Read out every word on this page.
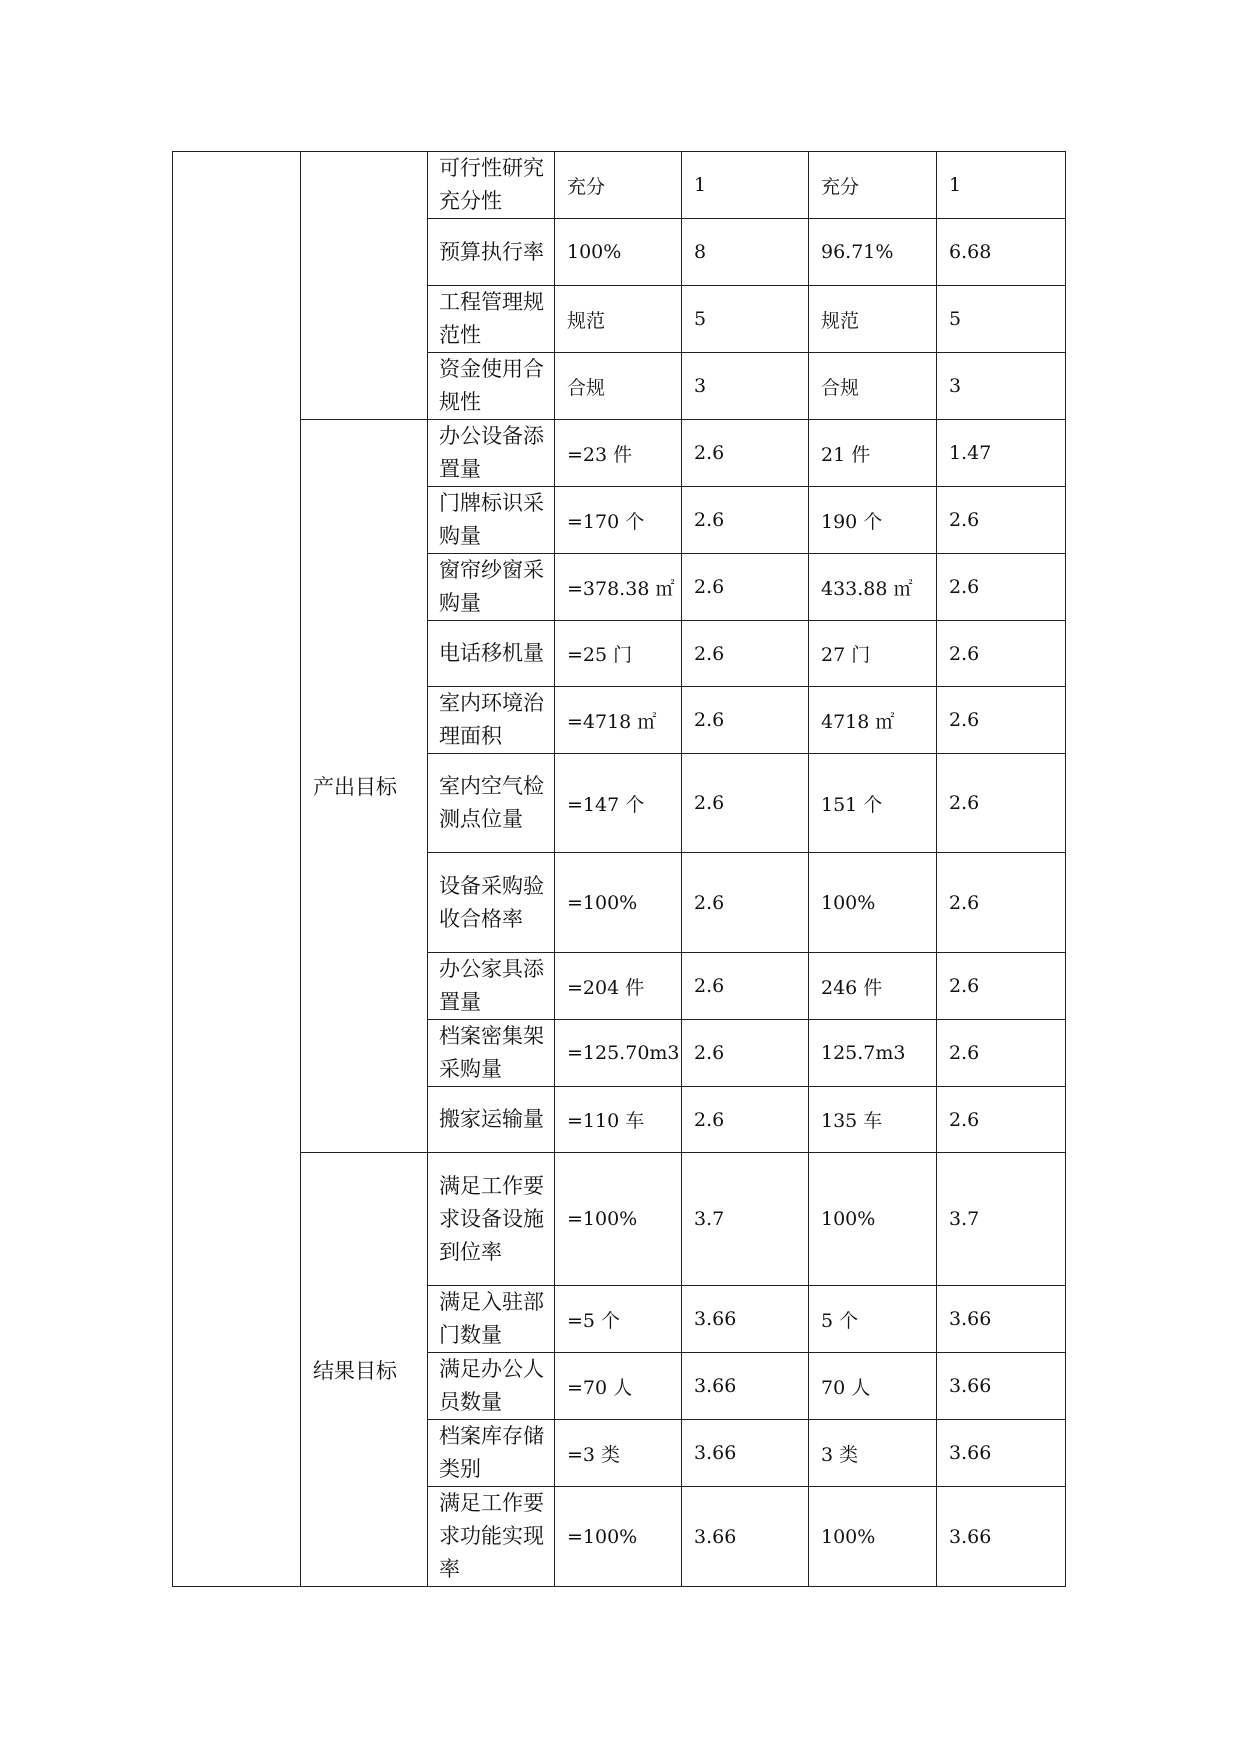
		可行性研究充分性	充分	1	充分	1
		预算执行率	100%	8	96.71%	6.68
		工程管理规范性	规范	5	规范	5
		资金使用合规性	合规	3	合规	3
	产出目标	办公设备添置量	=23 件	2.6	21 件	1.47
		门牌标识采购量	=170 个	2.6	190 个	2.6
		窗帘纱窗采购量	=378.38 ㎡	2.6	433.88 ㎡	2.6
		电话移机量	=25 门	2.6	27 门	2.6
		室内环境治理面积	=4718 ㎡	2.6	4718 ㎡	2.6
		室内空气检测点位量	=147 个	2.6	151 个	2.6
		设备采购验收合格率	=100%	2.6	100%	2.6
		办公家具添置量	=204 件	2.6	246 件	2.6
		档案密集架采购量	=125.70m3	2.6	125.7m3	2.6
		搬家运输量	=110 车	2.6	135 车	2.6
	结果目标	满足工作要求设备设施到位率	=100%	3.7	100%	3.7
		满足入驻部门数量	=5 个	3.66	5 个	3.66
		满足办公人员数量	=70 人	3.66	70 人	3.66
		档案库存储类别	=3 类	3.66	3 类	3.66
		满足工作要求功能实现率	=100%	3.66	100%	3.66
